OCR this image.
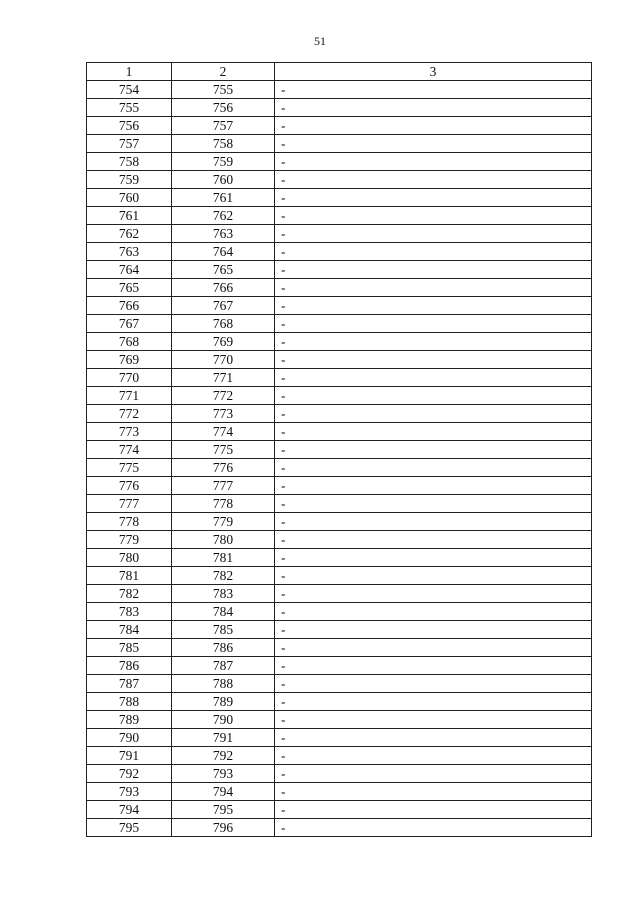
51
1	2	3
754	755	-
755	756	-
756	757	-
757	758	-
758	759	-
759	760	-
760	761	-
761	762	-
762	763	-
763	764	-
764	765	-
765	766	-
766	767	-
767	768	-
768	769	-
769	770	-
770	771	-
771	772	-
772	773	-
773	774	-
774	775	-
775	776	-
776	777	-
777	778	-
778	779	-
779	780	-
780	781	-
781	782	-
782	783	-
783	784	-
784	785	-
785	786	-
786	787	-
787	788	-
788	789	-
789	790	-
790	791	-
791	792	-
792	793	-
793	794	-
794	795	-
795	796	-
